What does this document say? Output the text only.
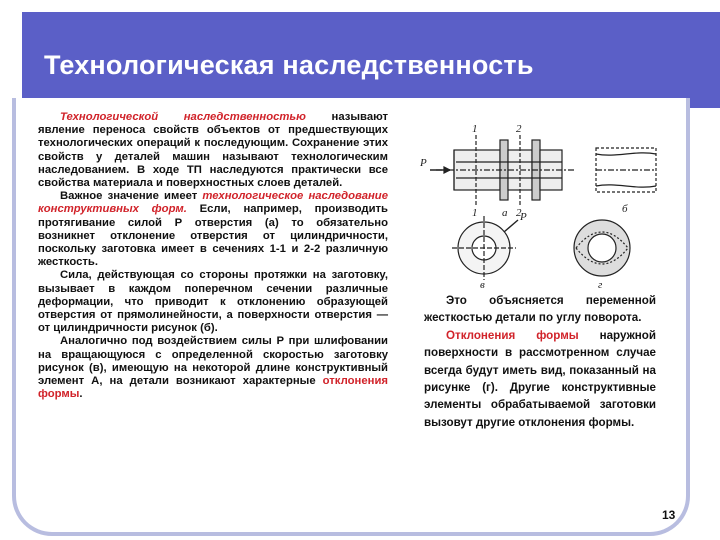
Технологическая наследственность

Технологической наследственностью называют явление переноса свойств объектов от предшествующих технологических операций к последующим. Сохранение этих свойств у деталей машин называют технологическим наследованием. В ходе ТП наследуются практически все свойства материала и поверхностных слоев деталей.

Важное значение имеет технологическое наследование конструктивных форм. Если, например, производить протягивание силой Р отверстия (а) то обязательно возникнет отклонение отверстия от цилиндричности, поскольку заготовка имеет в сечениях 1-1 и 2-2 различную жесткость.

Сила, действующая со стороны протяжки на заготовку, вызывает в каждом поперечном сечении различные деформации, что приводит к отклонению образующей отверстия от прямолинейности, а поверхности отверстия — от цилиндричности рисунок (б).

Аналогично под воздействием силы Р при шлифовании на вращающуюся с определенной скоростью заготовку рисунок (в), имеющую на некоторой длине конструктивный элемент А, на детали возникают характерные отклонения формы.

Р
1	2
1	2
а	б
Р
в	г

Это объясняется переменной жесткостью детали по углу поворота.

Отклонения формы наружной поверхности в рассмотренном случае всегда будут иметь вид, показанный на рисунке (г). Другие конструктивные элементы обрабатываемой заготовки вызовут другие отклонения формы.

13
